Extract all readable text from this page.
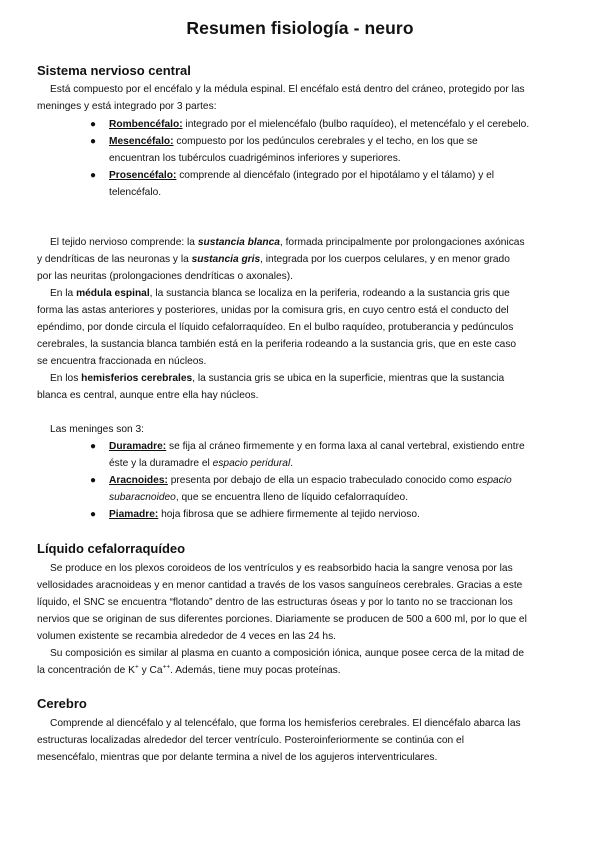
Resumen fisiología - neuro
Sistema nervioso central
Está compuesto por el encéfalo y la médula espinal. El encéfalo está dentro del cráneo, protegido por las meninges y está integrado por 3 partes:
● Rombencéfalo: integrado por el mielencéfalo (bulbo raquídeo), el metencéfalo y el cerebelo.
● Mesencéfalo: compuesto por los pedúnculos cerebrales y el techo, en los que se encuentran los tubérculos cuadrigéminos inferiores y superiores.
● Prosencéfalo: comprende al diencéfalo (integrado por el hipotálamo y el tálamo) y el telencéfalo.
El tejido nervioso comprende: la sustancia blanca, formada principalmente por prolongaciones axónicas y dendríticas de las neuronas y la sustancia gris, integrada por los cuerpos celulares, y en menor grado por las neuritas (prolongaciones dendríticas o axonales).
En la médula espinal, la sustancia blanca se localiza en la periferia, rodeando a la sustancia gris que forma las astas anteriores y posteriores, unidas por la comisura gris, en cuyo centro está el conducto del epéndimo, por donde circula el líquido cefalorraquídeo. En el bulbo raquídeo, protuberancia y pedúnculos cerebrales, la sustancia blanca también está en la periferia rodeando a la sustancia gris, que en este caso se encuentra fraccionada en núcleos.
En los hemisferios cerebrales, la sustancia gris se ubica en la superficie, mientras que la sustancia blanca es central, aunque entre ella hay núcleos.
Las meninges son 3:
● Duramadre: se fija al cráneo firmemente y en forma laxa al canal vertebral, existiendo entre éste y la duramadre el espacio peridural.
● Aracnoides: presenta por debajo de ella un espacio trabeculado conocido como espacio subaracnoideo, que se encuentra lleno de líquido cefalorraquídeo.
● Piamadre: hoja fibrosa que se adhiere firmemente al tejido nervioso.
Líquido cefalorraquídeo
Se produce en los plexos coroideos de los ventrículos y es reabsorbido hacia la sangre venosa por las vellosidades aracnoideas y en menor cantidad a través de los vasos sanguíneos cerebrales. Gracias a este líquido, el SNC se encuentra “flotando” dentro de las estructuras óseas y por lo tanto no se traccionan los nervios que se originan de sus diferentes porciones. Diariamente se producen de 500 a 600 ml, por lo que el volumen existente se recambia alrededor de 4 veces en las 24 hs.
Su composición es similar al plasma en cuanto a composición iónica, aunque posee cerca de la mitad de la concentración de K+ y Ca++. Además, tiene muy pocas proteínas.
Cerebro
Comprende al diencéfalo y al telencéfalo, que forma los hemisferios cerebrales. El diencéfalo abarca las estructuras localizadas alrededor del tercer ventrículo. Posteroinferiormente se continúa con el mesencéfalo, mientras que por delante termina a nivel de los agujeros interventriculares.
